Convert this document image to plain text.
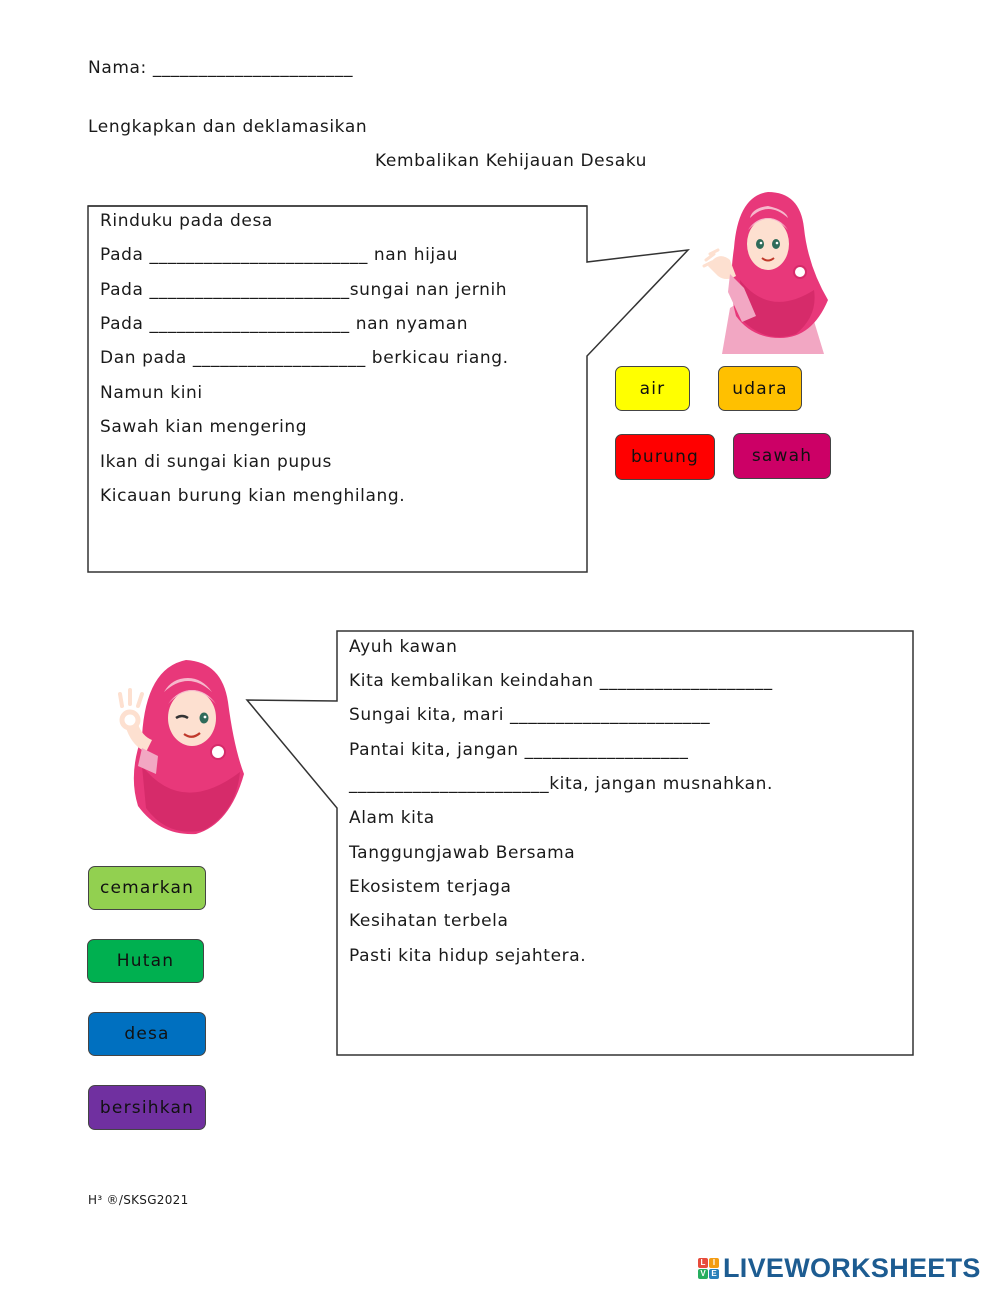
Nama: ______________________
Lengkapkan dan deklamasikan
Kembalikan Kehijauan Desaku
Rinduku pada desa
Pada ________________________ nan hijau
Pada ______________________sungai nan jernih
Pada ______________________ nan nyaman
Dan pada ___________________ berkicau riang.
Namun kini
Sawah kian mengering
Ikan di sungai kian pupus
Kicauan burung kian menghilang.
air	udara
burung	sawah
Ayuh kawan
Kita kembalikan keindahan ___________________
Sungai kita, mari ______________________
Pantai kita, jangan __________________
______________________kita, jangan musnahkan.
Alam kita
Tanggungjawab Bersama
Ekosistem terjaga
Kesihatan terbela
Pasti kita hidup sejahtera.
cemarkan
Hutan
desa
bersihkan
H³ ®/SKSG2021
L I
V E LIVEWORKSHEETS
